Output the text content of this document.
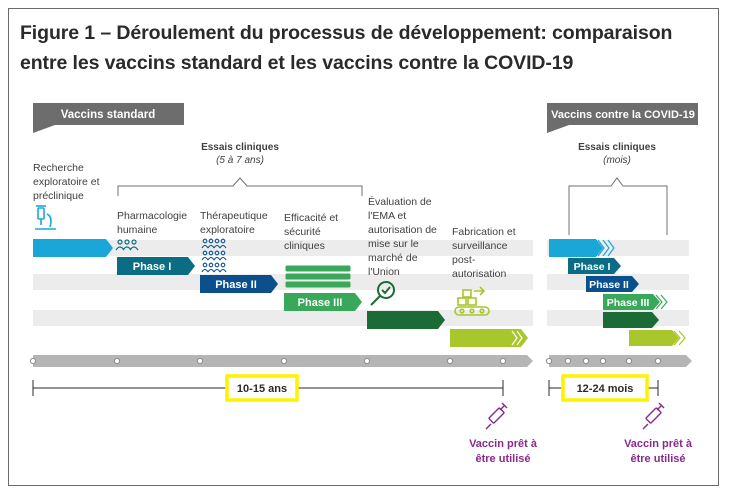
Figure 1 – Déroulement du processus de développement: comparaison
entre les vaccins standard et les vaccins contre la COVID-19
Vaccins standard	Vaccins contre la COVID-19
Essais cliniques
(5 à 7 ans)
Essais cliniques
(mois)
Recherche
exploratoire et
préclinique
Pharmacologie
humaine
Thérapeutique
exploratoire
Efficacité et
sécurité
cliniques
Évaluation de
l'EMA et
autorisation de
mise sur le
marché de
l'Union
Fabrication et
surveillance
post-
autorisation
Phase I
Phase II
Phase III
Phase I
Phase II
Phase III
10-15 ans	12-24 mois
Vaccin prêt à
être utilisé
Vaccin prêt à
être utilisé
